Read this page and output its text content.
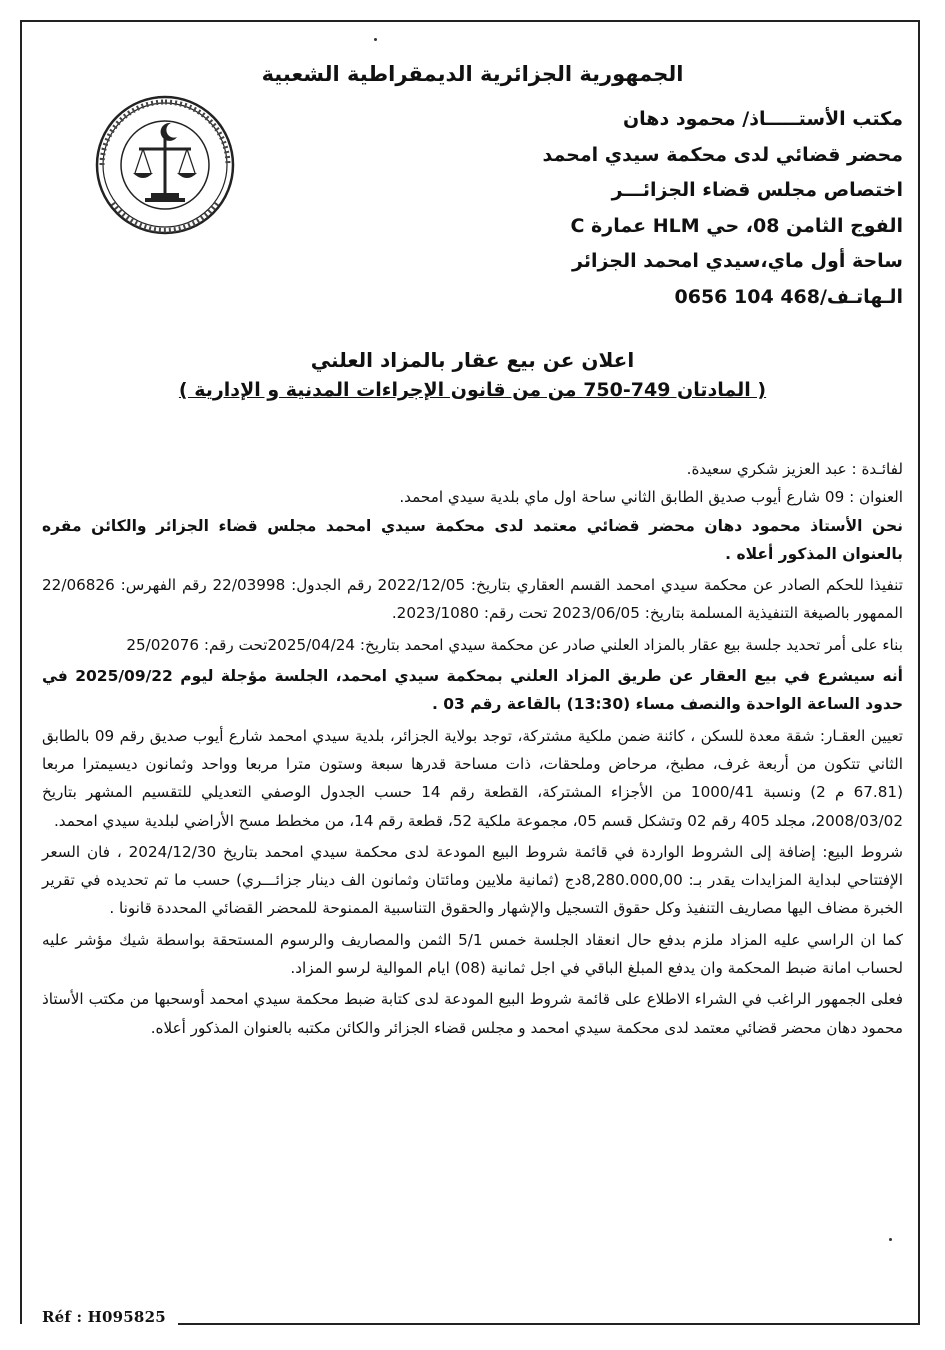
الجمهورية الجزائرية الديمقراطية الشعبية
مكتب الأستـــــاذ/ محمود دهان
محضر قضائي لدى محكمة سيدي امحمد
اختصاص مجلس قضاء الجزائـــر
الفوج الثامن 08، حي HLM عمارة C
ساحة أول ماي،سيدي امحمد الجزائر
الـهاتـف/468 104 0656
اعلان عن بيع عقار بالمزاد العلني
( المادتان 749-750 من من قانون الإجراءات المدنية و الإدارية )

لفائـدة : عبد العزيز شكري سعيدة.

العنوان : 09 شارع أيوب صديق الطابق الثاني ساحة اول ماي بلدية سيدي امحمد.

نحن الأستاذ محمود دهان محضر قضائي معتمد لدى محكمة سيدي امحمد مجلس قضاء الجزائر والكائن مقره بالعنوان المذكور أعلاه .

تنفيذا للحكم الصادر عن محكمة سيدي امحمد القسم العقاري بتاريخ: 2022/12/05 رقم الجدول: 22/03998 رقم الفهرس: 22/06826 الممهور بالصيغة التنفيذية المسلمة بتاريخ: 2023/06/05 تحت رقم: 2023/1080.

بناء على أمر تحديد جلسة بيع عقار بالمزاد العلني صادر عن محكمة سيدي امحمد بتاريخ: 2025/04/24تحت رقم: 25/02076

أنه سيشرع في بيع العقار عن طريق المزاد العلني بمحكمة سيدي امحمد، الجلسة مؤجلة ليوم 2025/09/22 في حدود الساعة الواحدة والنصف مساء (13:30) بالقاعة رقم 03 .

تعيين العقـار: شقة معدة للسكن ، كائنة ضمن ملكية مشتركة، توجد بولاية الجزائر، بلدية سيدي امحمد شارع أيوب صديق رقم 09 بالطابق الثاني تتكون من أربعة غرف، مطبخ، مرحاض وملحقات، ذات مساحة قدرها سبعة وستون مترا مربعا وواحد وثمانون ديسيمترا مربعا (67.81 م 2) ونسبة 1000/41 من الأجزاء المشتركة، القطعة رقم 14 حسب الجدول الوصفي التعديلي للتقسيم المشهر بتاريخ 2008/03/02، مجلد 405 رقم 02 وتشكل قسم 05، مجموعة ملكية 52، قطعة رقم 14، من مخطط مسح الأراضي لبلدية سيدي امحمد.

شروط البيع: إضافة إلى الشروط الواردة في قائمة شروط البيع المودعة لدى محكمة سيدي امحمد بتاريخ 2024/12/30 ، فان السعر الإفتتاحي لبداية المزايدات يقدر بـ: 8,280.000,00دج (ثمانية ملايين ومائتان وثمانون الف دينار جزائـــري) حسب ما تم تحديده في تقرير الخبرة مضاف اليها مصاريف التنفيذ وكل حقوق التسجيل والإشهار والحقوق التناسبية الممنوحة للمحضر القضائي المحددة قانونا .

كما ان الراسي عليه المزاد ملزم بدفع حال انعقاد الجلسة خمس 5/1 الثمن والمصاريف والرسوم المستحقة بواسطة شيك مؤشر عليه لحساب امانة ضبط المحكمة وان يدفع المبلغ الباقي في اجل ثمانية (08) ايام الموالية لرسو المزاد.

فعلى الجمهور الراغب في الشراء الاطلاع على قائمة شروط البيع المودعة لدى كتابة ضبط محكمة سيدي امحمد أوسحبها من مكتب الأستاذ محمود دهان محضر قضائي معتمد لدى محكمة سيدي امحمد و مجلس قضاء الجزائر والكائن مكتبه بالعنوان المذكور أعلاه.

Réf : H095825
